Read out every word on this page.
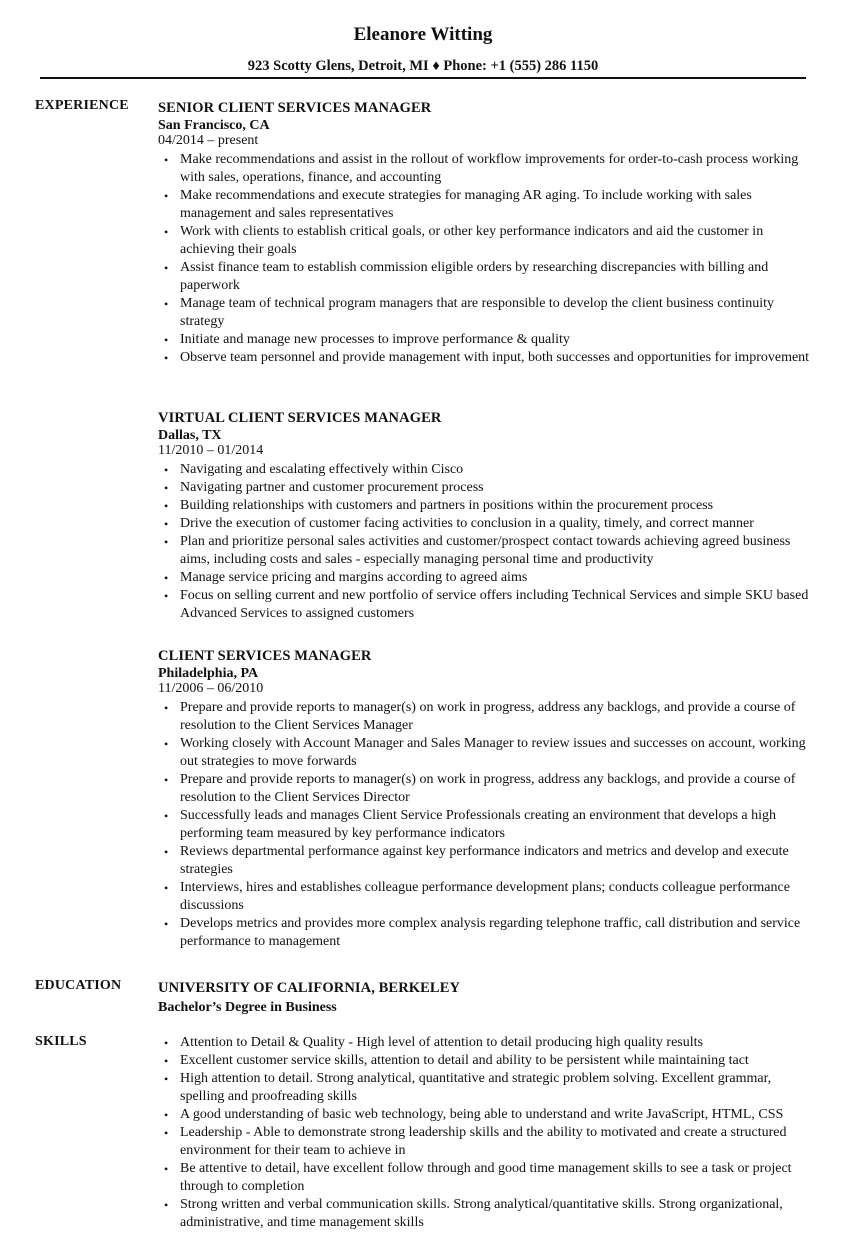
Eleanore Witting
923 Scotty Glens, Detroit, MI ♦ Phone: +1 (555) 286 1150
EXPERIENCE SENIOR CLIENT SERVICES MANAGER
San Francisco, CA
04/2014 – present
• Make recommendations and assist in the rollout of workflow improvements for order-to-cash process working with sales, operations, finance, and accounting
• Make recommendations and execute strategies for managing AR aging. To include working with sales management and sales representatives
• Work with clients to establish critical goals, or other key performance indicators and aid the customer in achieving their goals
• Assist finance team to establish commission eligible orders by researching discrepancies with billing and paperwork
• Manage team of technical program managers that are responsible to develop the client business continuity strategy
• Initiate and manage new processes to improve performance & quality
• Observe team personnel and provide management with input, both successes and opportunities for improvement
VIRTUAL CLIENT SERVICES MANAGER
Dallas, TX
11/2010 – 01/2014
• Navigating and escalating effectively within Cisco
• Navigating partner and customer procurement process
• Building relationships with customers and partners in positions within the procurement process
• Drive the execution of customer facing activities to conclusion in a quality, timely, and correct manner
• Plan and prioritize personal sales activities and customer/prospect contact towards achieving agreed business aims, including costs and sales - especially managing personal time and productivity
• Manage service pricing and margins according to agreed aims
• Focus on selling current and new portfolio of service offers including Technical Services and simple SKU based Advanced Services to assigned customers
CLIENT SERVICES MANAGER
Philadelphia, PA
11/2006 – 06/2010
• Prepare and provide reports to manager(s) on work in progress, address any backlogs, and provide a course of resolution to the Client Services Manager
• Working closely with Account Manager and Sales Manager to review issues and successes on account, working out strategies to move forwards
• Prepare and provide reports to manager(s) on work in progress, address any backlogs, and provide a course of resolution to the Client Services Director
• Successfully leads and manages Client Service Professionals creating an environment that develops a high performing team measured by key performance indicators
• Reviews departmental performance against key performance indicators and metrics and develop and execute strategies
• Interviews, hires and establishes colleague performance development plans; conducts colleague performance discussions
• Develops metrics and provides more complex analysis regarding telephone traffic, call distribution and service performance to management
EDUCATION	UNIVERSITY OF CALIFORNIA, BERKELEY
Bachelor’s Degree in Business
SKILLS
•	Attention to Detail & Quality - High level of attention to detail producing high quality results
• Excellent customer service skills, attention to detail and ability to be persistent while maintaining tact
• High attention to detail. Strong analytical, quantitative and strategic problem solving. Excellent grammar, spelling and proofreading skills
• A good understanding of basic web technology, being able to understand and write JavaScript, HTML, CSS
• Leadership - Able to demonstrate strong leadership skills and the ability to motivated and create a structured environment for their team to achieve in
• Be attentive to detail, have excellent follow through and good time management skills to see a task or project through to completion
• Strong written and verbal communication skills. Strong analytical/quantitative skills. Strong organizational, administrative, and time management skills
